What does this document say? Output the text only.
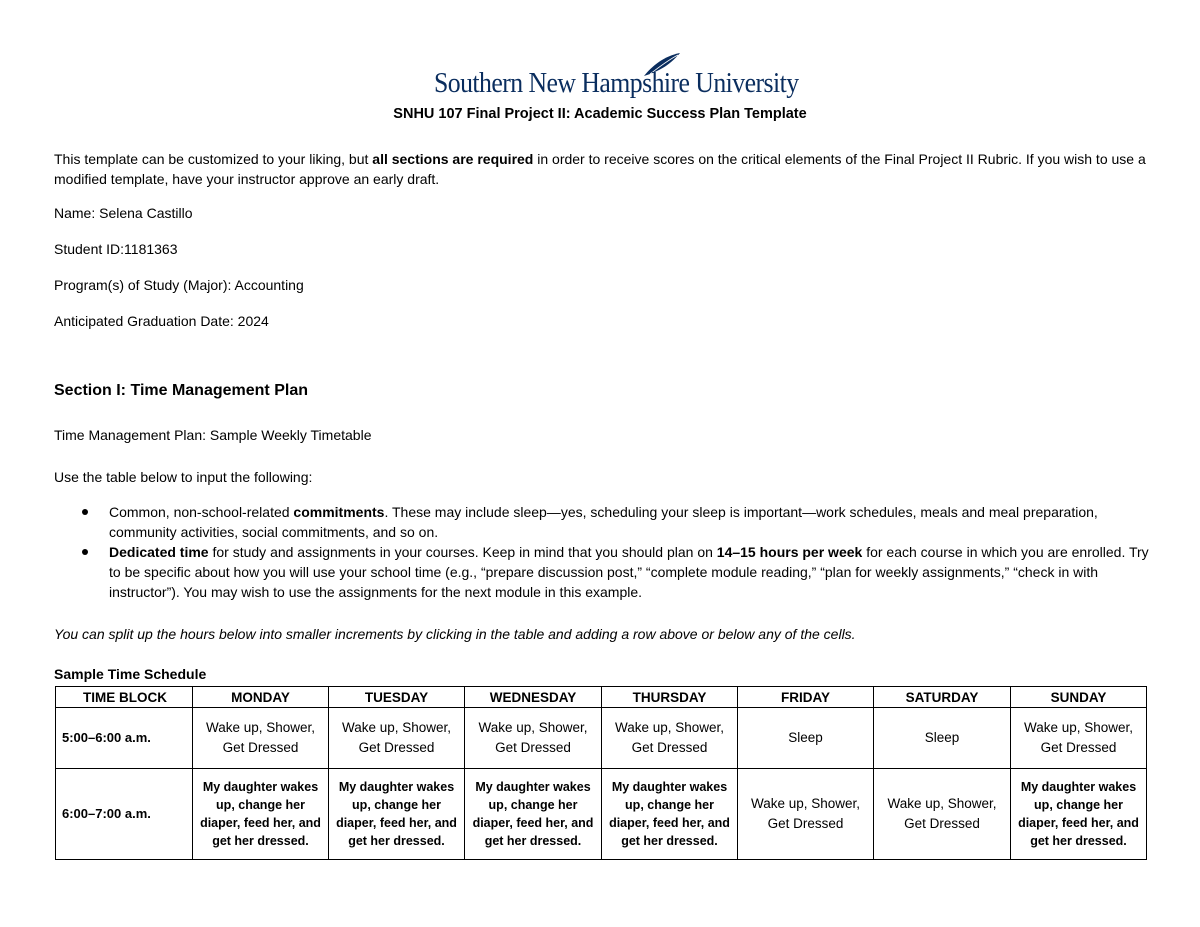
Southern New Hampshire University
SNHU 107 Final Project II: Academic Success Plan Template
This template can be customized to your liking, but all sections are required in order to receive scores on the critical elements of the Final Project II Rubric. If you wish to use a modified template, have your instructor approve an early draft.
Name: Selena Castillo
Student ID:1181363
Program(s) of Study (Major): Accounting
Anticipated Graduation Date: 2024
Section I: Time Management Plan
Time Management Plan: Sample Weekly Timetable
Use the table below to input the following:
Common, non-school-related commitments. These may include sleep—yes, scheduling your sleep is important—work schedules, meals and meal preparation, community activities, social commitments, and so on.
Dedicated time for study and assignments in your courses. Keep in mind that you should plan on 14–15 hours per week for each course in which you are enrolled. Try to be specific about how you will use your school time (e.g., “prepare discussion post,” “complete module reading,” “plan for weekly assignments,” “check in with instructor”). You may wish to use the assignments for the next module in this example.
You can split up the hours below into smaller increments by clicking in the table and adding a row above or below any of the cells.
Sample Time Schedule
TIME BLOCK	MONDAY	TUESDAY	WEDNESDAY	THURSDAY	FRIDAY	SATURDAY	SUNDAY
5:00–6:00 a.m.	Wake up, Shower, Get Dressed	Wake up, Shower, Get Dressed	Wake up, Shower, Get Dressed	Wake up, Shower, Get Dressed	Sleep	Sleep	Wake up, Shower, Get Dressed
6:00–7:00 a.m.	My daughter wakes up, change her diaper, feed her, and get her dressed.	My daughter wakes up, change her diaper, feed her, and get her dressed.	My daughter wakes up, change her diaper, feed her, and get her dressed.	My daughter wakes up, change her diaper, feed her, and get her dressed.	Wake up, Shower, Get Dressed	Wake up, Shower, Get Dressed	My daughter wakes up, change her diaper, feed her, and get her dressed.
